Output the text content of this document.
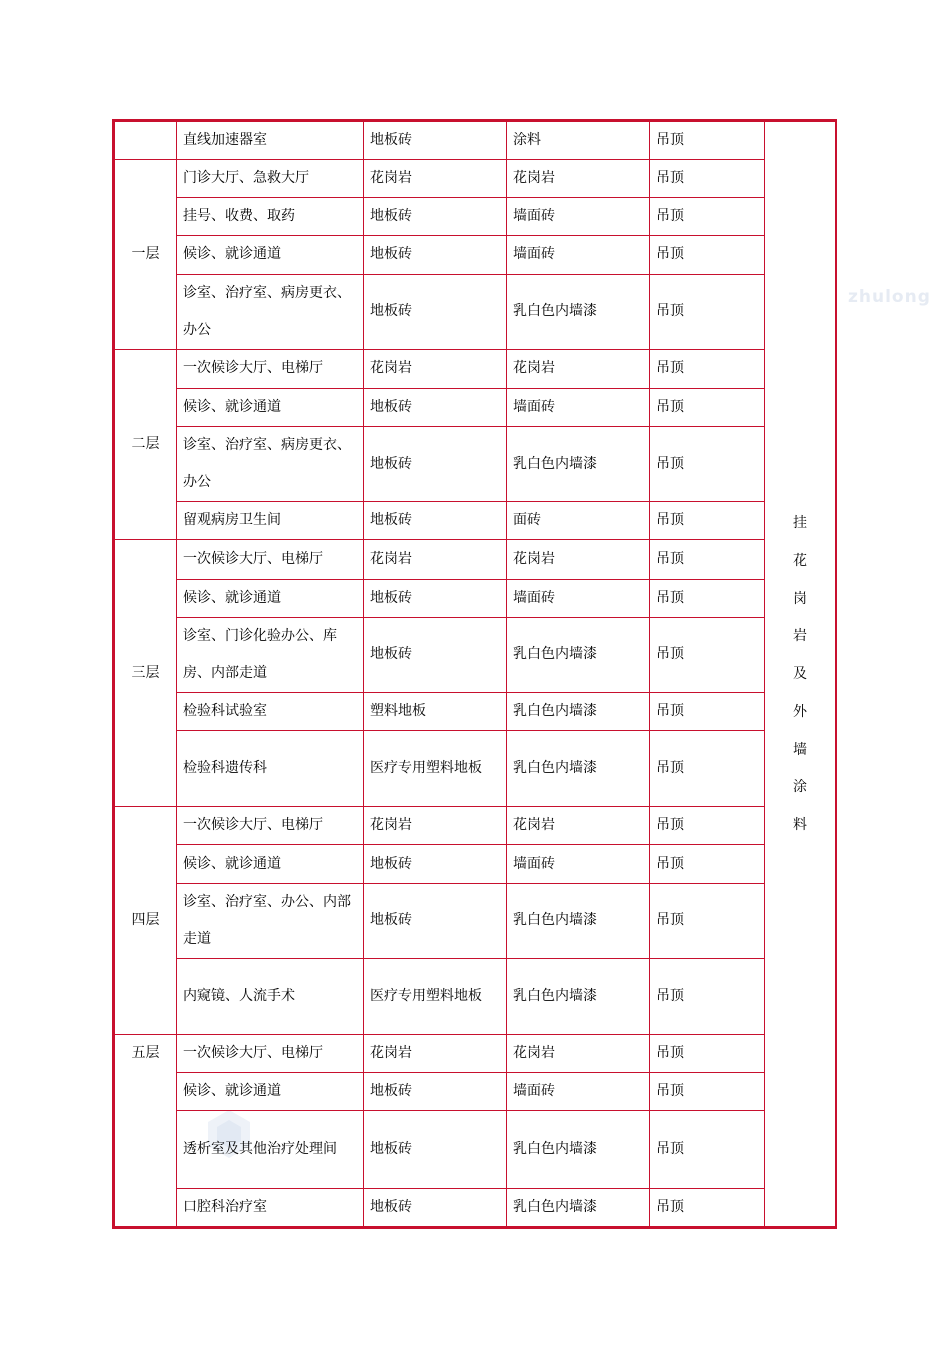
zhulong
	直线加速器室	地板砖	涂料	吊顶	挂花岗岩及外墙涂料

一层	门诊大厅、急救大厅	花岗岩	花岗岩	吊顶	
	挂号、收费、取药	地板砖	墙面砖	吊顶	
	候诊、就诊通道	地板砖	墙面砖	吊顶	
	诊室、治疗室、病房更衣、办公	地板砖	乳白色内墙漆	吊顶	
二层	一次候诊大厅、电梯厅	花岗岩	花岗岩	吊顶	
	候诊、就诊通道	地板砖	墙面砖	吊顶	
	诊室、治疗室、病房更衣、办公	地板砖	乳白色内墙漆	吊顶	
	留观病房卫生间	地板砖	面砖	吊顶	
三层	一次候诊大厅、电梯厅	花岗岩	花岗岩	吊顶	
	候诊、就诊通道	地板砖	墙面砖	吊顶	
	诊室、门诊化验办公、库房、内部走道	地板砖	乳白色内墙漆	吊顶	
	检验科试验室	塑料地板	乳白色内墙漆	吊顶	
	检验科遗传科	医疗专用塑料地板	乳白色内墙漆	吊顶	
四层	一次候诊大厅、电梯厅	花岗岩	花岗岩	吊顶	
	候诊、就诊通道	地板砖	墙面砖	吊顶	
	诊室、治疗室、办公、内部走道	地板砖	乳白色内墙漆	吊顶	
	内窥镜、人流手术	医疗专用塑料地板	乳白色内墙漆	吊顶	
五层	一次候诊大厅、电梯厅	花岗岩	花岗岩	吊顶	
	候诊、就诊通道	地板砖	墙面砖	吊顶	
	透析室及其他治疗处理间	地板砖	乳白色内墙漆	吊顶	
	口腔科治疗室	地板砖	乳白色内墙漆	吊顶	
